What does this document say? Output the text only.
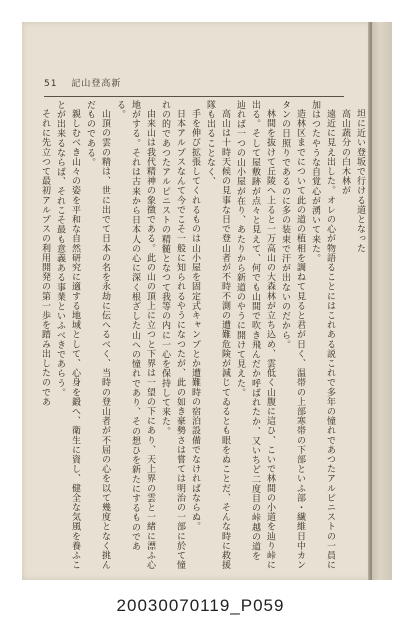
51 記山登高新

坦に近い登坂で行ける道となった

高山蔬分の白木林が

遠近に見え出した。オレの心が物語ることにはこれある説これで多年の憧れであつたアルピニストの一員に加はつたやうな自覚心が湧いて来た。

造林区までについて此の道の植相を調ねて見ると君が日く、温帯の上部寒帯の下部といふ部・繊維日中カンタンの日照りであるのに多の装束で汗が出ないのだから。

林間を抜けて丘陵へ上ると一万高山の大森林が立ち込め、雲低く山腹に這ひ、こいで林間の小道を辿り峠に出る。そして屋敷跡が点々と見えて、何でも山間で吹き飛んだか呼ばれたか、又いちど二度目の峠越の道を辿れば一つの山小屋が在り、あたりから新道のやうに開けて見えた。

高山は十時天候の見事な日で登山者が不時不測の遭難危険が減じてゐるとも眼をぬことだ、そんな時に救援隊も出ることなく、

手を伸び拡張してくれるものは山小屋を固定式キャンプとか遭難時の宿泊設備でなければならぬ。

日本アルプスなんて今でこそ一般に知られるやうになつたが、此の如き豪勢さは嘗ては明治の一部に於て憧れの的であつたアルピニストの精髄となつて我等の内に一心を保持して来た。

由来山は我代精神の象徴である。此の山の頂上に立つと下界は一望の下にあり、天上界の雲と一緒に漂ふ心地がする。それは古来から日本人の心に深く根ざした山への憧れであり、その想ひを新たにするものである。

山頂の雲の精は、世に出でて日本の名を永劫に伝へるべく、当時の登山者が不屈の心を以て幾度となく挑んだものである。

親しむべき山々の姿を平和な自然研究に適する地域として、心身を鍛へ、衛生に資し、健全な気風を養ふことが出来るならば、それこそ最も意義ある事業といふべきであらう。

それに先立つて最初アルプスの利用開発の第一歩を踏み出したのであ

20030070119_P059
